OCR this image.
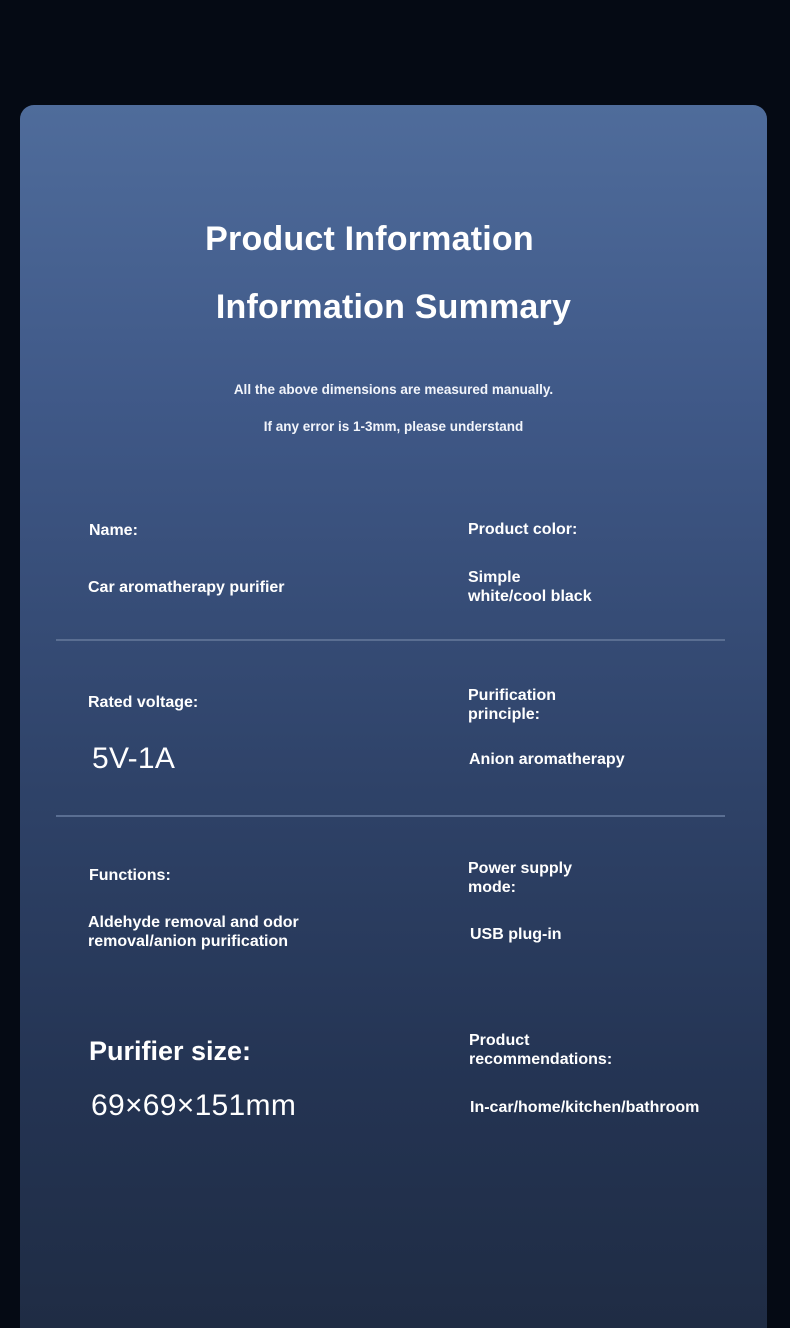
Product Information
Information Summary
All the above dimensions are measured manually.
If any error is 1-3mm, please understand
Name:
Car aromatherapy purifier
Product color:
Simple
white/cool black
Rated voltage:
5V-1A
Purification
principle:
Anion aromatherapy
Functions:
Aldehyde removal and odor
removal/anion purification
Power supply
mode:
USB plug-in
Purifier size:
69×69×151mm
Product
recommendations:
In-car/home/kitchen/bathroom
